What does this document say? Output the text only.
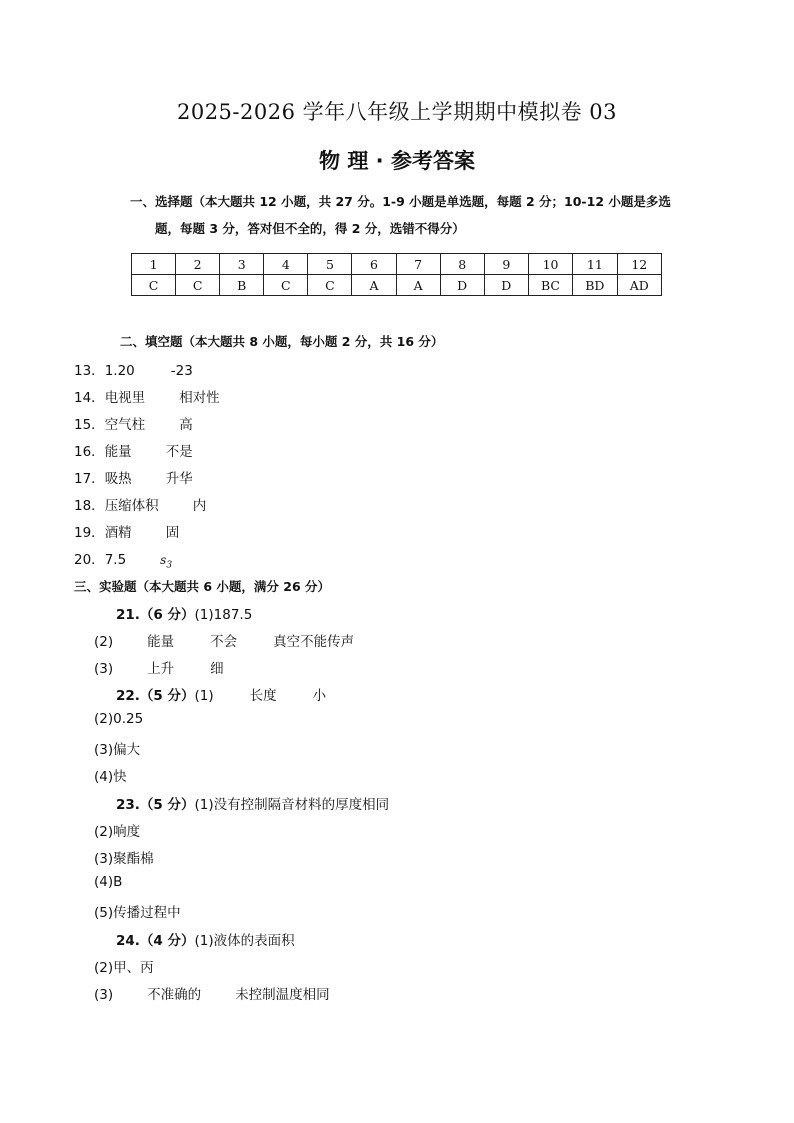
2025-2026 学年八年级上学期期中模拟卷 03
物 理 · 参考答案
一、选择题（本大题共 12 小题，共 27 分。1-9 小题是单选题，每题 2 分；10-12 小题是多选
题，每题 3 分，答对但不全的，得 2 分，选错不得分）
1	2	3	4	5	6	7	8	9	10	11	12
C	C	B	C	C	A	A	D	D	BC	BD	AD
二、填空题（本大题共 8 小题，每小题 2 分，共 16 分）
13．1.20	-23
14．电视里	相对性
15．空气柱	高
16．能量	不是
17．吸热	升华
18．压缩体积	内
19．酒精	固
20．7.5	$s_3$
三、实验题（本大题共 6 小题，满分 26 分）
21.（6 分）(1)187.5
(2)	能量	不会	真空不能传声
(3)	上升	细
22.（5 分）(1)	长度	小
(2)0.25
(3)偏大
(4)快
23.（5 分）(1)没有控制隔音材料的厚度相同
(2)响度
(3)聚酯棉
(4)B
(5)传播过程中
24.（4 分）(1)液体的表面积
(2)甲、丙
(3)	不准确的	未控制温度相同
